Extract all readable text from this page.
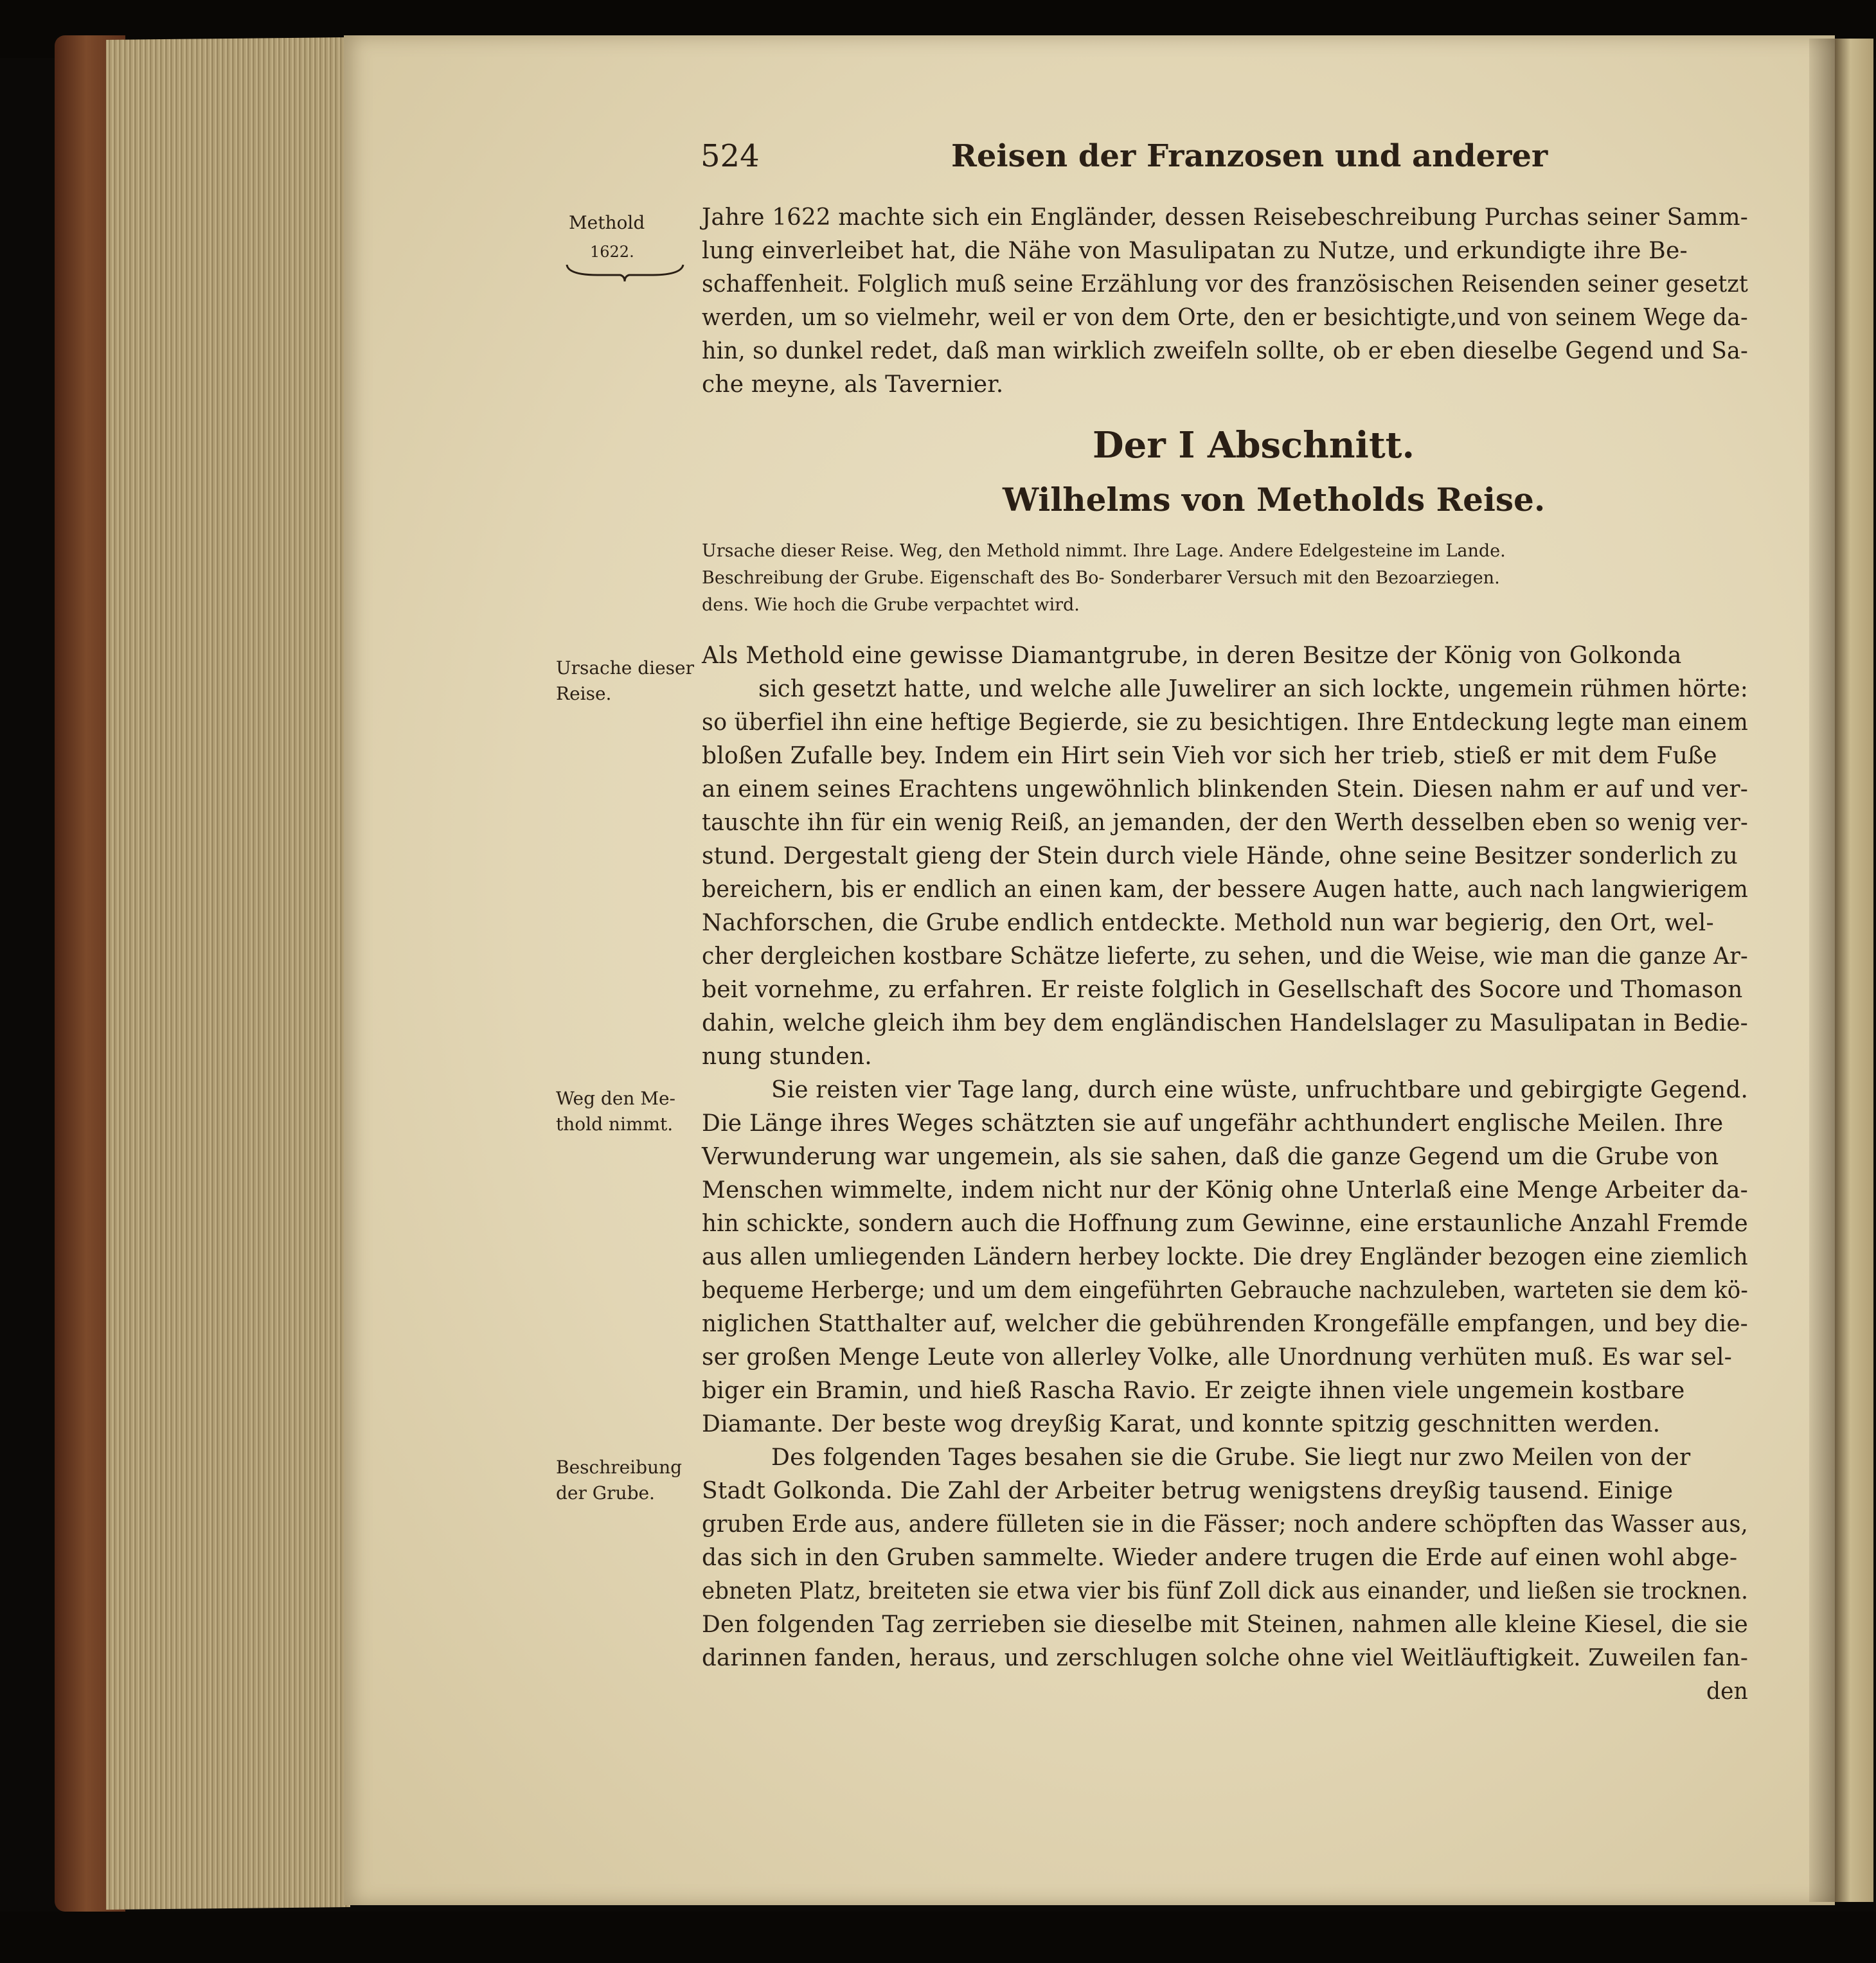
524	Reisen der Franzosen und anderer
Methold
1622.
Ursache dieser
Reise.
Weg den Me-
thold nimmt.
Beschreibung
der Grube.
Jahre 1622 machte sich ein Engländer, dessen Reisebeschreibung Purchas seiner Samm-
lung einverleibet hat, die Nähe von Masulipatan zu Nutze, und erkundigte ihre Be-
schaffenheit. Folglich muß seine Erzählung vor des französischen Reisenden seiner gesetzt
werden, um so vielmehr, weil er von dem Orte, den er besichtigte,und von seinem Wege da-
hin, so dunkel redet, daß man wirklich zweifeln sollte, ob er eben dieselbe Gegend und Sa-
che meyne, als Tavernier.
Der I Abschnitt.
Wilhelms von Metholds Reise.
Ursache dieser Reise. Weg, den Methold nimmt. Ihre Lage. Andere Edelgesteine im Lande.
Beschreibung der Grube. Eigenschaft des Bo- Sonderbarer Versuch mit den Bezoarziegen.
dens. Wie hoch die Grube verpachtet wird.
Als Methold eine gewisse Diamantgrube, in deren Besitze der König von Golkonda
sich gesetzt hatte, und welche alle Juwelirer an sich lockte, ungemein rühmen hörte:
so überfiel ihn eine heftige Begierde, sie zu besichtigen. Ihre Entdeckung legte man einem
bloßen Zufalle bey. Indem ein Hirt sein Vieh vor sich her trieb, stieß er mit dem Fuße
an einem seines Erachtens ungewöhnlich blinkenden Stein. Diesen nahm er auf und ver-
tauschte ihn für ein wenig Reiß, an jemanden, der den Werth desselben eben so wenig ver-
stund. Dergestalt gieng der Stein durch viele Hände, ohne seine Besitzer sonderlich zu
bereichern, bis er endlich an einen kam, der bessere Augen hatte, auch nach langwierigem
Nachforschen, die Grube endlich entdeckte. Methold nun war begierig, den Ort, wel-
cher dergleichen kostbare Schätze lieferte, zu sehen, und die Weise, wie man die ganze Ar-
beit vornehme, zu erfahren. Er reiste folglich in Gesellschaft des Socore und Thomason
dahin, welche gleich ihm bey dem engländischen Handelslager zu Masulipatan in Bedie-
nung stunden.
Sie reisten vier Tage lang, durch eine wüste, unfruchtbare und gebirgigte Gegend.
Die Länge ihres Weges schätzten sie auf ungefähr achthundert englische Meilen. Ihre
Verwunderung war ungemein, als sie sahen, daß die ganze Gegend um die Grube von
Menschen wimmelte, indem nicht nur der König ohne Unterlaß eine Menge Arbeiter da-
hin schickte, sondern auch die Hoffnung zum Gewinne, eine erstaunliche Anzahl Fremde
aus allen umliegenden Ländern herbey lockte. Die drey Engländer bezogen eine ziemlich
bequeme Herberge; und um dem eingeführten Gebrauche nachzuleben, warteten sie dem kö-
niglichen Statthalter auf, welcher die gebührenden Krongefälle empfangen, und bey die-
ser großen Menge Leute von allerley Volke, alle Unordnung verhüten muß. Es war sel-
biger ein Bramin, und hieß Rascha Ravio. Er zeigte ihnen viele ungemein kostbare
Diamante. Der beste wog dreyßig Karat, und konnte spitzig geschnitten werden.
Des folgenden Tages besahen sie die Grube. Sie liegt nur zwo Meilen von der
Stadt Golkonda. Die Zahl der Arbeiter betrug wenigstens dreyßig tausend. Einige
gruben Erde aus, andere fülleten sie in die Fässer; noch andere schöpften das Wasser aus,
das sich in den Gruben sammelte. Wieder andere trugen die Erde auf einen wohl abge-
ebneten Platz, breiteten sie etwa vier bis fünf Zoll dick aus einander, und ließen sie trocknen.
Den folgenden Tag zerrieben sie dieselbe mit Steinen, nahmen alle kleine Kiesel, die sie
darinnen fanden, heraus, und zerschlugen solche ohne viel Weitläuftigkeit. Zuweilen fan-
den
